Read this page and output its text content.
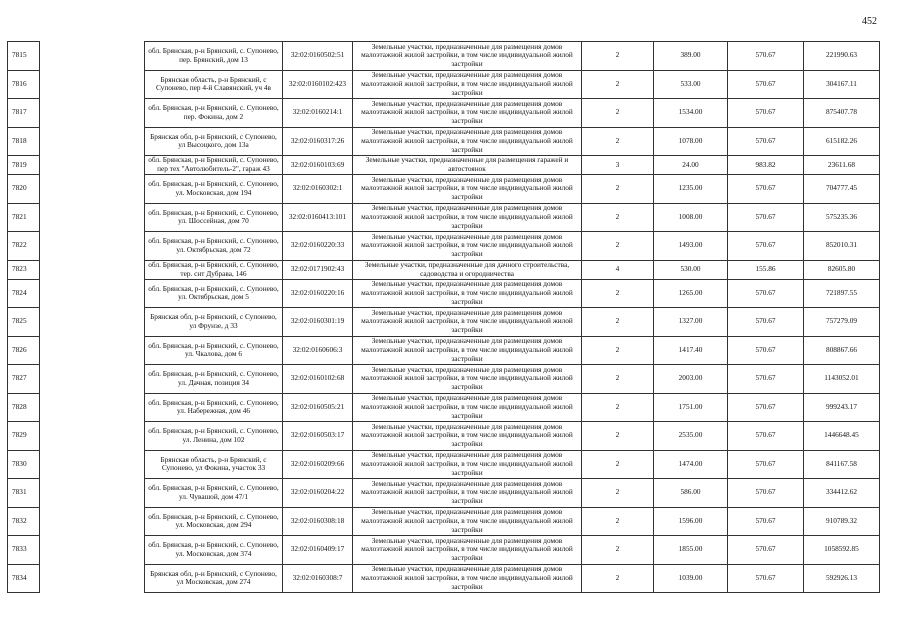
452
7815		обл. Брянская, р-н Брянский, с. Супонево, пер. Брянский, дом 13	32:02:0160502:51	Земельные участки, предназначенные для размещения домов малоэтажной жилой застройки, в том числе индивидуальной жилой застройки	2	389.00	570.67	221990.63
7816		Брянская область, р-н Брянский, с Супонево, пер 4-й Славянский, уч 4в	32:02:0160102:423	Земельные участки, предназначенные для размещения домов малоэтажной жилой застройки, в том числе индивидуальной жилой застройки	2	533.00	570.67	304167.11
7817		обл. Брянская, р-н Брянский, с. Супонево, пер. Фокина, дом 2	32:02:0160214:1	Земельные участки, предназначенные для размещения домов малоэтажной жилой застройки, в том числе индивидуальной жилой застройки	2	1534.00	570.67	875407.78
7818		Брянская обл, р-н Брянский, с Супонево, ул Высоцкого, дом 13а	32:02:0160317:26	Земельные участки, предназначенные для размещения домов малоэтажной жилой застройки, в том числе индивидуальной жилой застройки	2	1078.00	570.67	615182.26
7819		обл. Брянская, р-н Брянский, с. Супонево, пер тех "Автолюбитель-2", гараж 43	32:02:0160103:69	Земельные участки, предназначенные для размещения гаражей и автостоянок	3	24.00	983.82	23611.68
7820		обл. Брянская, р-н Брянский, с. Супонево, ул. Московская, дом 194	32:02:0160302:1	Земельные участки, предназначенные для размещения домов малоэтажной жилой застройки, в том числе индивидуальной жилой застройки	2	1235.00	570.67	704777.45
7821		обл. Брянская, р-н Брянский, с. Супонево, ул. Шоссейная, дом 70	32:02:0160413:101	Земельные участки, предназначенные для размещения домов малоэтажной жилой застройки, в том числе индивидуальной жилой застройки	2	1008.00	570.67	575235.36
7822		обл. Брянская, р-н Брянский, с. Супонево, ул. Октябрьская, дом 72	32:02:0160220:33	Земельные участки, предназначенные для размещения домов малоэтажной жилой застройки, в том числе индивидуальной жилой застройки	2	1493.00	570.67	852010.31
7823		обл. Брянская, р-н Брянский, с. Супонево, тер. снт Дубрава, 146	32:02:0171902:43	Земельные участки, предназначенные для дачного строительства, садоводства и огородничества	4	530.00	155.86	82605.80
7824		обл. Брянская, р-н Брянский, с. Супонево, ул. Октябрьская, дом 5	32:02:0160220:16	Земельные участки, предназначенные для размещения домов малоэтажной жилой застройки, в том числе индивидуальной жилой застройки	2	1265.00	570.67	721897.55
7825		Брянская обл, р-н Брянский, с Супонево, ул Фрунзе, д 33	32:02:0160301:19	Земельные участки, предназначенные для размещения домов малоэтажной жилой застройки, в том числе индивидуальной жилой застройки	2	1327.00	570.67	757279.09
7826		обл. Брянская, р-н Брянский, с. Супонево, ул. Чкалова, дом 6	32:02:0160606:3	Земельные участки, предназначенные для размещения домов малоэтажной жилой застройки, в том числе индивидуальной жилой застройки	2	1417.40	570.67	808867.66
7827		обл. Брянская, р-н Брянский, с. Супонево, ул. Дачная, позиция 34	32:02:0160102:68	Земельные участки, предназначенные для размещения домов малоэтажной жилой застройки, в том числе индивидуальной жилой застройки	2	2003.00	570.67	1143052.01
7828		обл. Брянская, р-н Брянский, с. Супонево, ул. Набережная, дом 46	32:02:0160505:21	Земельные участки, предназначенные для размещения домов малоэтажной жилой застройки, в том числе индивидуальной жилой застройки	2	1751.00	570.67	999243.17
7829		обл. Брянская, р-н Брянский, с. Супонево, ул. Ленина, дом 102	32:02:0160503:17	Земельные участки, предназначенные для размещения домов малоэтажной жилой застройки, в том числе индивидуальной жилой застройки	2	2535.00	570.67	1446648.45
7830		Брянская область, р-н Брянский, с Супонево, ул Фокина, участок 33	32:02:0160209:66	Земельные участки, предназначенные для размещения домов малоэтажной жилой застройки, в том числе индивидуальной жилой застройки	2	1474.00	570.67	841167.58
7831		обл. Брянская, р-н Брянский, с. Супонево, ул. Чувашой, дом 47/1	32:02:0160204:22	Земельные участки, предназначенные для размещения домов малоэтажной жилой застройки, в том числе индивидуальной жилой застройки	2	586.00	570.67	334412.62
7832		обл. Брянская, р-н Брянский, с. Супонево, ул. Московская, дом 294	32:02:0160308:18	Земельные участки, предназначенные для размещения домов малоэтажной жилой застройки, в том числе индивидуальной жилой застройки	2	1596.00	570.67	910789.32
7833		обл. Брянская, р-н Брянский, с. Супонево, ул. Московская, дом 374	32:02:0160409:17	Земельные участки, предназначенные для размещения домов малоэтажной жилой застройки, в том числе индивидуальной жилой застройки	2	1855.00	570.67	1058592.85
7834		Брянская обл, р-н Брянский, с Супонево, ул Московская, дом 274	32:02:0160308:7	Земельные участки, предназначенные для размещения домов малоэтажной жилой застройки, в том числе индивидуальной жилой застройки	2	1039.00	570.67	592926.13
